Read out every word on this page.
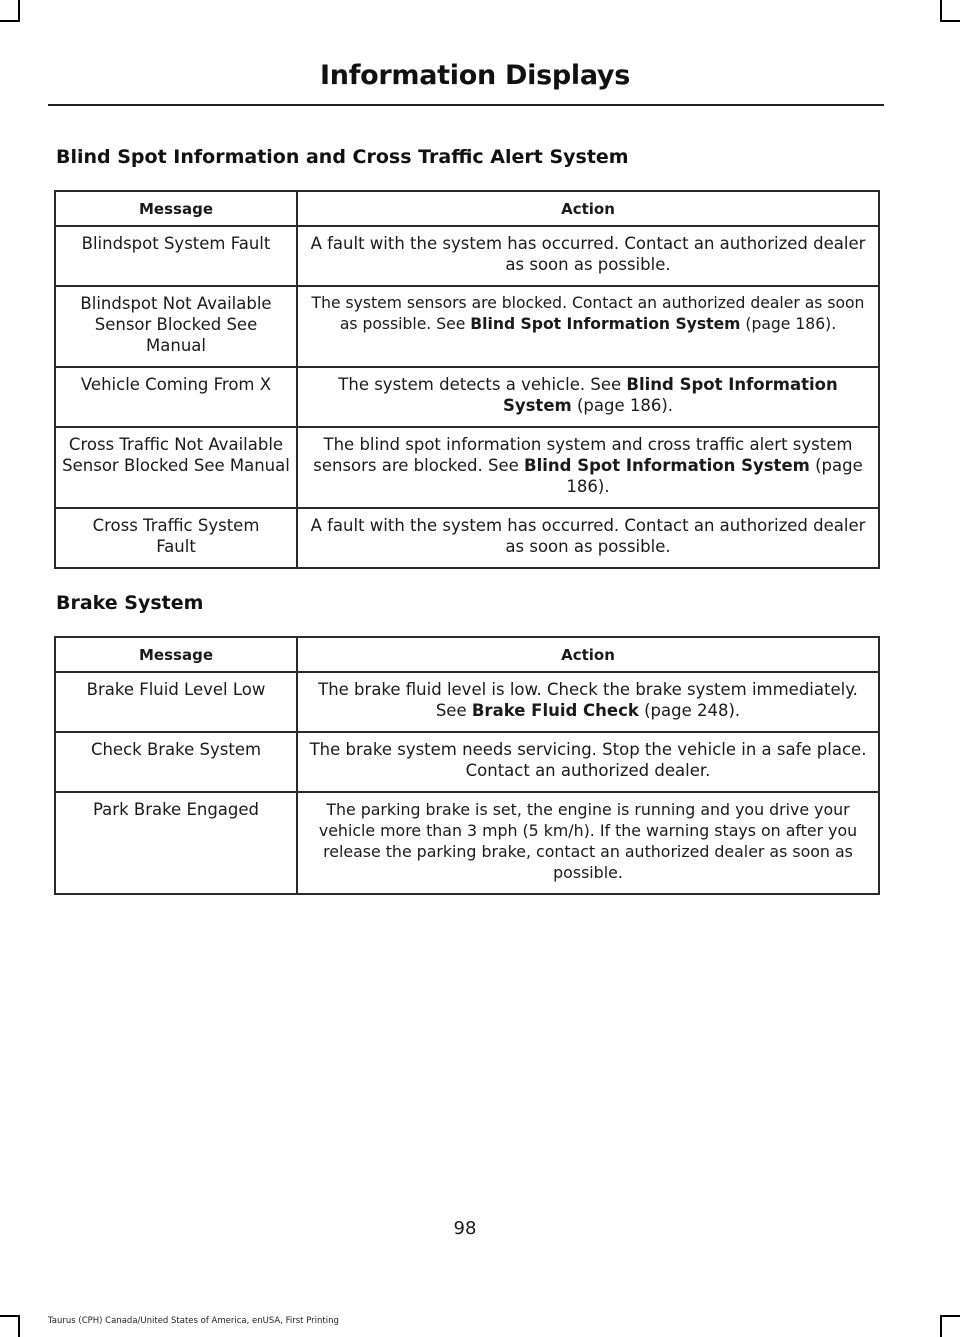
Information Displays
Blind Spot Information and Cross Traffic Alert System
Message	Action
Blindspot System Fault	A fault with the system has occurred. Contact an authorized dealer as soon as possible.
Blindspot Not Available Sensor Blocked See Manual	The system sensors are blocked. Contact an authorized dealer as soon as possible. See Blind Spot Information System (page 186).
Vehicle Coming From X	The system detects a vehicle. See Blind Spot Information System (page 186).
Cross Traffic Not Available Sensor Blocked See Manual	The blind spot information system and cross traffic alert system sensors are blocked. See Blind Spot Information System (page 186).
Cross Traffic System Fault	A fault with the system has occurred. Contact an authorized dealer as soon as possible.
Brake System
Message	Action
Brake Fluid Level Low	The brake fluid level is low. Check the brake system immediately. See Brake Fluid Check (page 248).
Check Brake System	The brake system needs servicing. Stop the vehicle in a safe place. Contact an authorized dealer.
Park Brake Engaged	The parking brake is set, the engine is running and you drive your vehicle more than 3 mph (5 km/h). If the warning stays on after you release the parking brake, contact an authorized dealer as soon as possible.
98
Taurus (CPH) Canada/United States of America, enUSA, First Printing
